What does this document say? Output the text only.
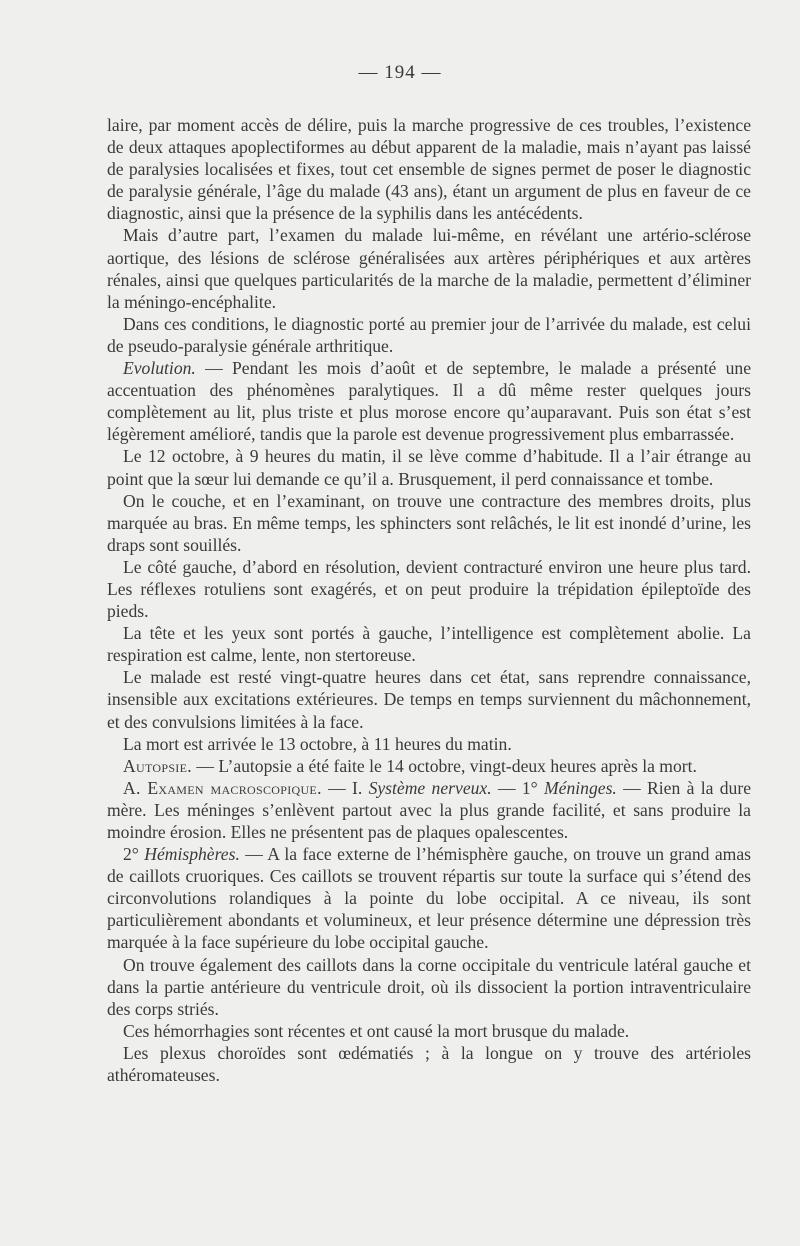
— 194 —

laire, par moment accès de délire, puis la marche progressive de ces troubles, l’existence de deux attaques apoplectiformes au début apparent de la maladie, mais n’ayant pas laissé de paralysies localisées et fixes, tout cet ensemble de signes permet de poser le diagnostic de paralysie générale, l’âge du malade (43 ans), étant un argument de plus en faveur de ce diagnostic, ainsi que la présence de la syphilis dans les antécédents.

Mais d’autre part, l’examen du malade lui-même, en révélant une artério-sclérose aortique, des lésions de sclérose généralisées aux artères périphériques et aux artères rénales, ainsi que quelques particularités de la marche de la maladie, permettent d’éliminer la méningo-encéphalite.

Dans ces conditions, le diagnostic porté au premier jour de l’arrivée du malade, est celui de pseudo-paralysie générale arthritique.

Evolution. — Pendant les mois d’août et de septembre, le malade a présenté une accentuation des phénomènes paralytiques. Il a dû même rester quelques jours complètement au lit, plus triste et plus morose encore qu’auparavant. Puis son état s’est légèrement amélioré, tandis que la parole est devenue progressivement plus embarrassée.

Le 12 octobre, à 9 heures du matin, il se lève comme d’habitude. Il a l’air étrange au point que la sœur lui demande ce qu’il a. Brusquement, il perd connaissance et tombe.

On le couche, et en l’examinant, on trouve une contracture des membres droits, plus marquée au bras. En même temps, les sphincters sont relâchés, le lit est inondé d’urine, les draps sont souillés.

Le côté gauche, d’abord en résolution, devient contracturé environ une heure plus tard. Les réflexes rotuliens sont exagérés, et on peut produire la trépidation épileptoïde des pieds.

La tête et les yeux sont portés à gauche, l’intelligence est complètement abolie. La respiration est calme, lente, non stertoreuse.

Le malade est resté vingt-quatre heures dans cet état, sans reprendre connaissance, insensible aux excitations extérieures. De temps en temps surviennent du mâchonnement, et des convulsions limitées à la face.

La mort est arrivée le 13 octobre, à 11 heures du matin.

Autopsie. — L’autopsie a été faite le 14 octobre, vingt-deux heures après la mort.

A. Examen macroscopique. — I. Système nerveux. — 1° Méninges. — Rien à la dure mère. Les méninges s’enlèvent partout avec la plus grande facilité, et sans produire la moindre érosion. Elles ne présentent pas de plaques opalescentes.

2° Hémisphères. — A la face externe de l’hémisphère gauche, on trouve un grand amas de caillots cruoriques. Ces caillots se trouvent répartis sur toute la surface qui s’étend des circonvolutions rolandiques à la pointe du lobe occipital. A ce niveau, ils sont particulièrement abondants et volumineux, et leur présence détermine une dépression très marquée à la face supérieure du lobe occipital gauche.

On trouve également des caillots dans la corne occipitale du ventricule latéral gauche et dans la partie antérieure du ventricule droit, où ils dissocient la portion intraventriculaire des corps striés.

Ces hémorrhagies sont récentes et ont causé la mort brusque du malade.

Les plexus choroïdes sont œdématiés ; à la longue on y trouve des artérioles athéromateuses.
